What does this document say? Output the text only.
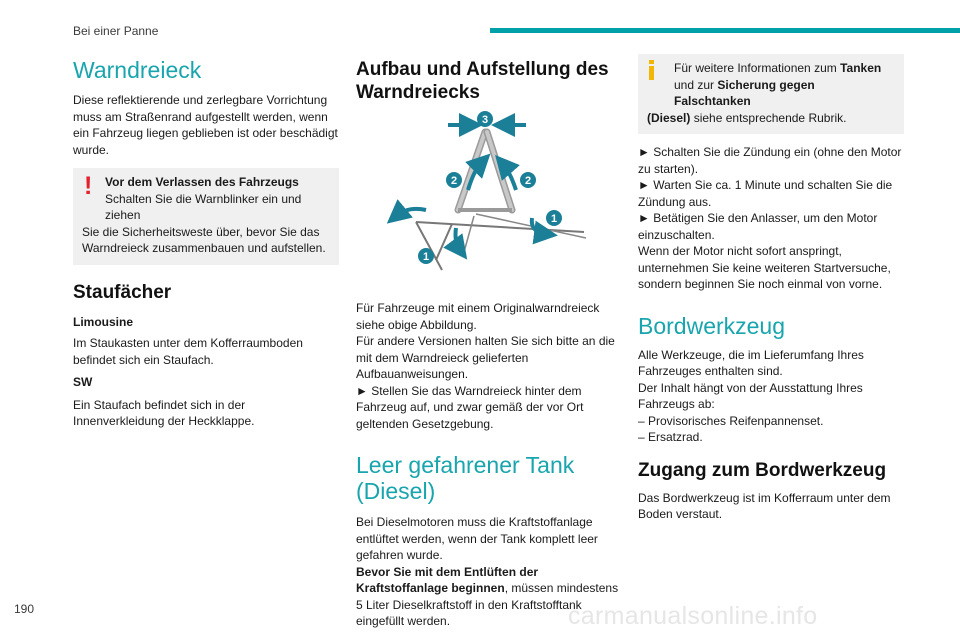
Bei einer Panne
Warndreieck

Diese reflektierende und zerlegbare Vorrichtung muss am Straßenrand aufgestellt werden, wenn ein Fahrzeug liegen geblieben ist oder beschädigt wurde.

! Vor dem Verlassen des Fahrzeugs

Schalten Sie die Warnblinker ein und ziehen

Sie die Sicherheitsweste über, bevor Sie das Warndreieck zusammenbauen und aufstellen.

Staufächer

Limousine

Im Staukasten unter dem Kofferraumboden befindet sich ein Staufach.

SW

Ein Staufach befindet sich in der Innenverkleidung der Heckklappe.

Aufbau und Aufstellung des Warndreiecks
3
2	2
1
1

Für Fahrzeuge mit einem Originalwarndreieck siehe obige Abbildung.

Für andere Versionen halten Sie sich bitte an die mit dem Warndreieck gelieferten Aufbauanweisungen.

► Stellen Sie das Warndreieck hinter dem Fahrzeug auf, und zwar gemäß der vor Ort geltenden Gesetzgebung.

Leer gefahrener Tank (Diesel)

Bei Dieselmotoren muss die Kraftstoffanlage entlüftet werden, wenn der Tank komplett leer gefahren wurde.

Bevor Sie mit dem Entlüften der Kraftstoffanlage beginnen, müssen mindestens 5 Liter Dieselkraftstoff in den Kraftstofftank eingefüllt werden.

Für weitere Informationen zum Tanken und zur Sicherung gegen Falschtanken

(Diesel) siehe entsprechende Rubrik.

► Schalten Sie die Zündung ein (ohne den Motor zu starten).

► Warten Sie ca. 1 Minute und schalten Sie die Zündung aus.

► Betätigen Sie den Anlasser, um den Motor einzuschalten.

Wenn der Motor nicht sofort anspringt, unternehmen Sie keine weiteren Startversuche, sondern beginnen Sie noch einmal von vorne.

Bordwerkzeug

Alle Werkzeuge, die im Lieferumfang Ihres Fahrzeuges enthalten sind.

Der Inhalt hängt von der Ausstattung Ihres Fahrzeugs ab:

– Provisorisches Reifenpannenset.

– Ersatzrad.

Zugang zum Bordwerkzeug

Das Bordwerkzeug ist im Kofferraum unter dem Boden verstaut.

190	carmanualsonline.info
